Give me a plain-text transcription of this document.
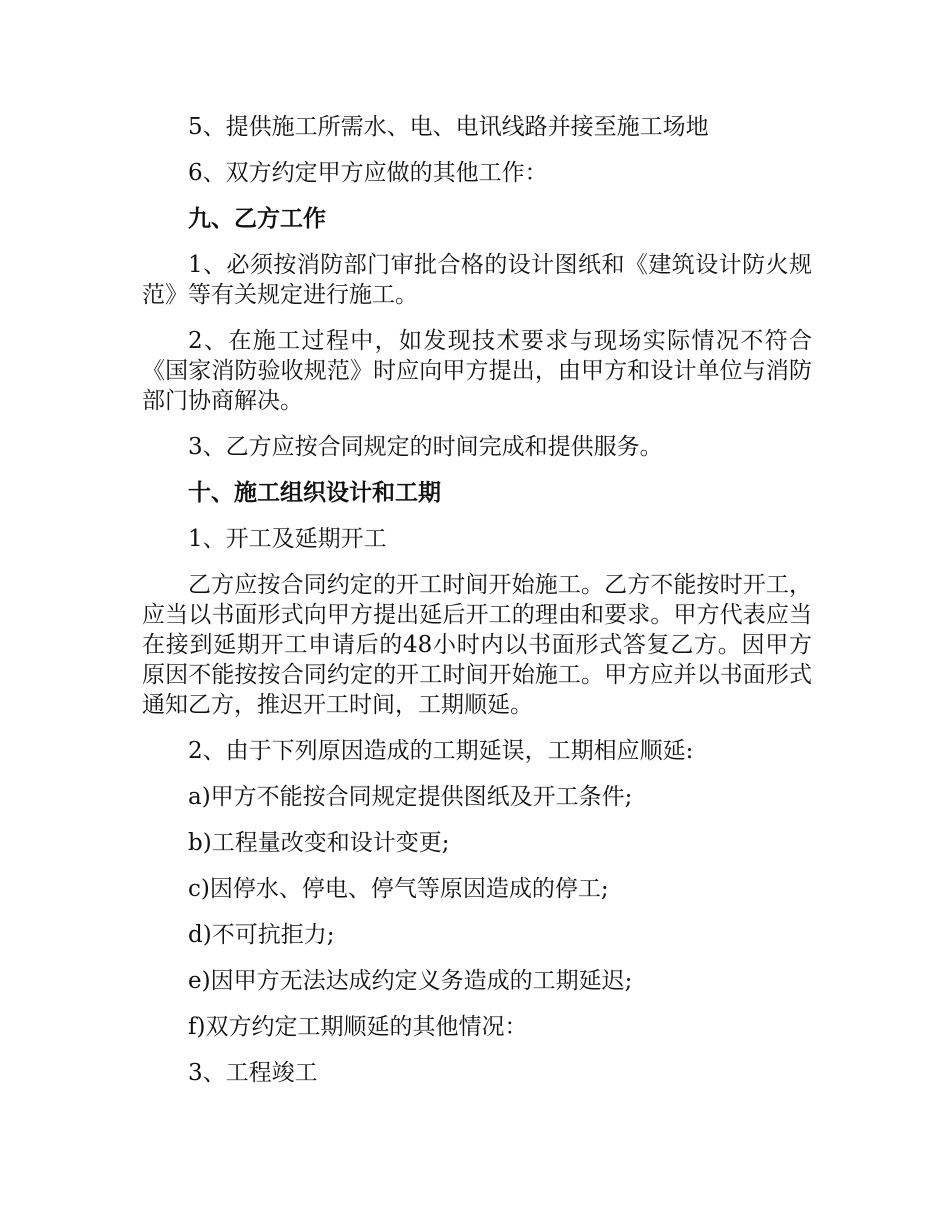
5、提供施工所需水、电、电讯线路并接至施工场地

6、双方约定甲方应做的其他工作：

九、乙方工作

1、必须按消防部门审批合格的设计图纸和《建筑设计防火规范》等有关规定进行施工。

2、在施工过程中，如发现技术要求与现场实际情况不符合《国家消防验收规范》时应向甲方提出，由甲方和设计单位与消防部门协商解决。

3、乙方应按合同规定的时间完成和提供服务。

十、施工组织设计和工期

1、开工及延期开工

乙方应按合同约定的开工时间开始施工。乙方不能按时开工，应当以书面形式向甲方提出延后开工的理由和要求。甲方代表应当在接到延期开工申请后的48小时内以书面形式答复乙方。因甲方原因不能按按合同约定的开工时间开始施工。甲方应并以书面形式通知乙方，推迟开工时间，工期顺延。

2、由于下列原因造成的工期延误，工期相应顺延:

a)甲方不能按合同规定提供图纸及开工条件;

b)工程量改变和设计变更;

c)因停水、停电、停气等原因造成的停工;

d)不可抗拒力;

e)因甲方无法达成约定义务造成的工期延迟;

f)双方约定工期顺延的其他情况：

3、工程竣工
